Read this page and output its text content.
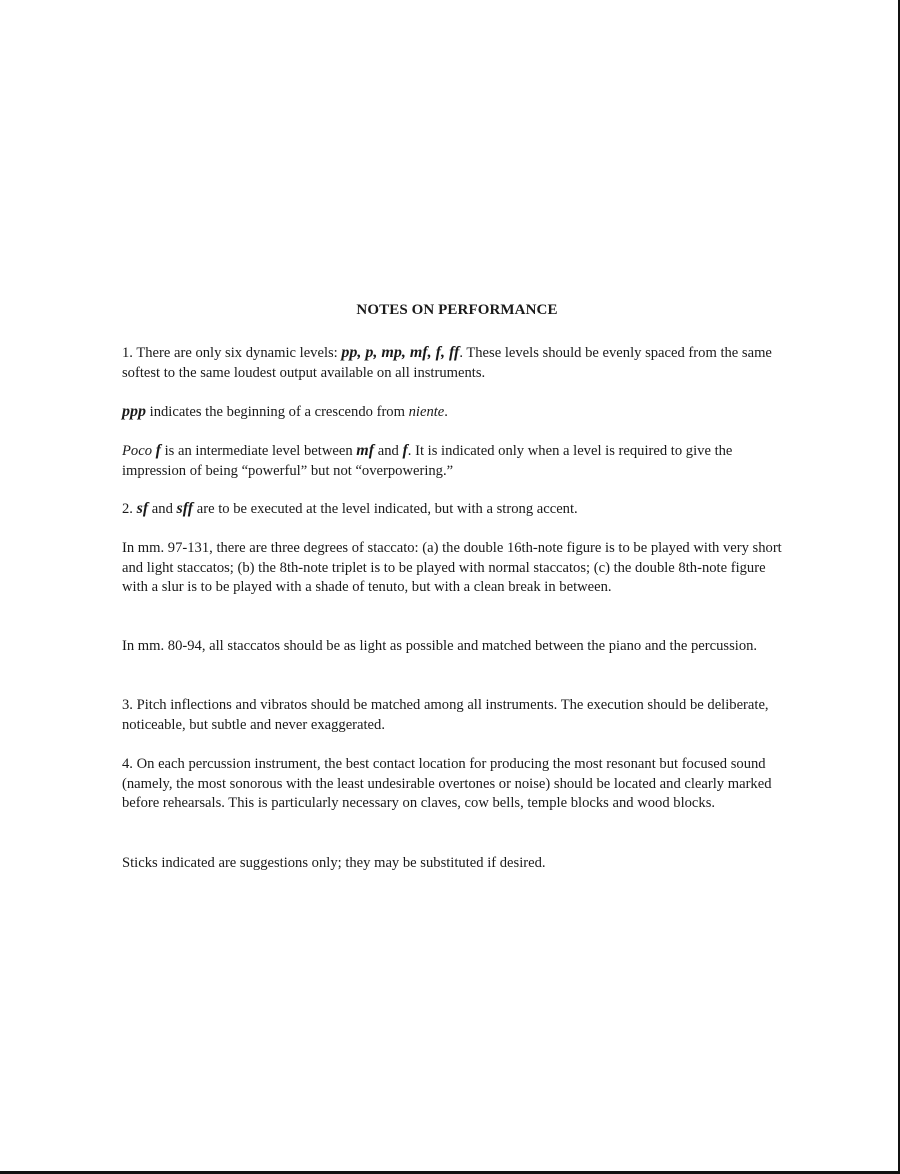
NOTES ON PERFORMANCE

1. There are only six dynamic levels: pp, p, mp, mf, f, ff. These levels should be evenly spaced from the same softest to the same loudest output available on all instruments.

ppp indicates the beginning of a crescendo from niente.

Poco f is an intermediate level between mf and f. It is indicated only when a level is required to give the impression of being “powerful” but not “overpowering.”

2. sf and sff are to be executed at the level indicated, but with a strong accent.

In mm. 97-131, there are three degrees of staccato: (a) the double 16th-note figure is to be played with very short and light staccatos; (b) the 8th-note triplet is to be played with normal staccatos; (c) the double 8th-note figure with a slur is to be played with a shade of tenuto, but with a clean break in between.

In mm. 80-94, all staccatos should be as light as possible and matched between the piano and the percussion.

3. Pitch inflections and vibratos should be matched among all instruments. The execution should be deliberate, noticeable, but subtle and never exaggerated.

4. On each percussion instrument, the best contact location for producing the most resonant but focused sound (namely, the most sonorous with the least undesirable overtones or noise) should be located and clearly marked before rehearsals. This is particularly necessary on claves, cow bells, temple blocks and wood blocks.

Sticks indicated are suggestions only; they may be substituted if desired.
